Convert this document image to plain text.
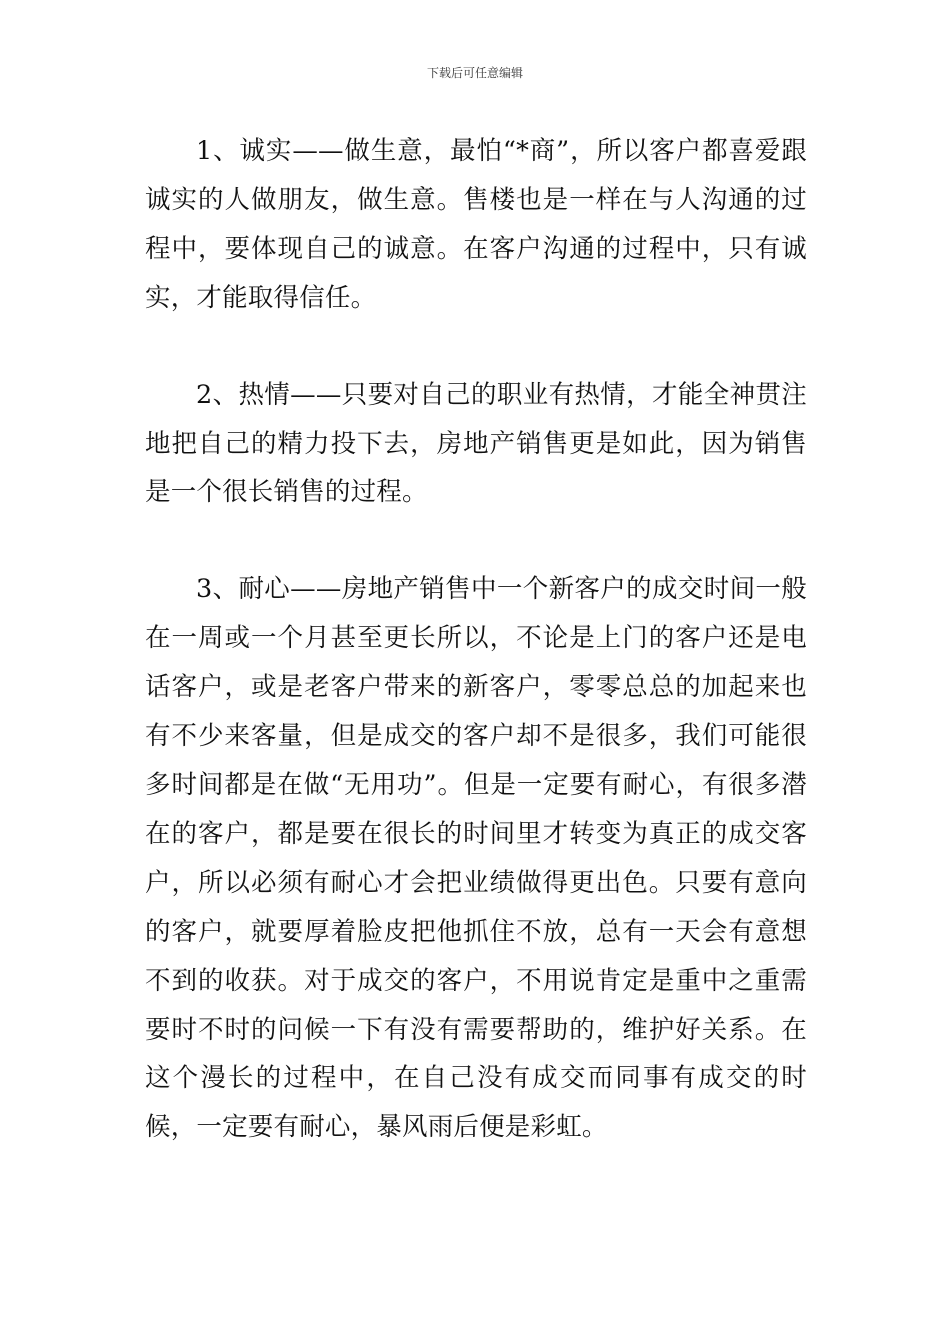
下载后可任意编辑

1、诚实——做生意，最怕“*商”，所以客户都喜爱跟诚实的人做朋友，做生意。售楼也是一样在与人沟通的过程中，要体现自己的诚意。在客户沟通的过程中，只有诚实，才能取得信任。

2、热情——只要对自己的职业有热情，才能全神贯注地把自己的精力投下去，房地产销售更是如此，因为销售是一个很长销售的过程。

3、耐心——房地产销售中一个新客户的成交时间一般在一周或一个月甚至更长所以，不论是上门的客户还是电话客户，或是老客户带来的新客户，零零总总的加起来也有不少来客量，但是成交的客户却不是很多，我们可能很多时间都是在做“无用功”。但是一定要有耐心，有很多潜在的客户，都是要在很长的时间里才转变为真正的成交客户，所以必须有耐心才会把业绩做得更出色。只要有意向的客户，就要厚着脸皮把他抓住不放，总有一天会有意想不到的收获。对于成交的客户，不用说肯定是重中之重需要时不时的问候一下有没有需要帮助的，维护好关系。在这个漫长的过程中，在自己没有成交而同事有成交的时候，一定要有耐心，暴风雨后便是彩虹。
